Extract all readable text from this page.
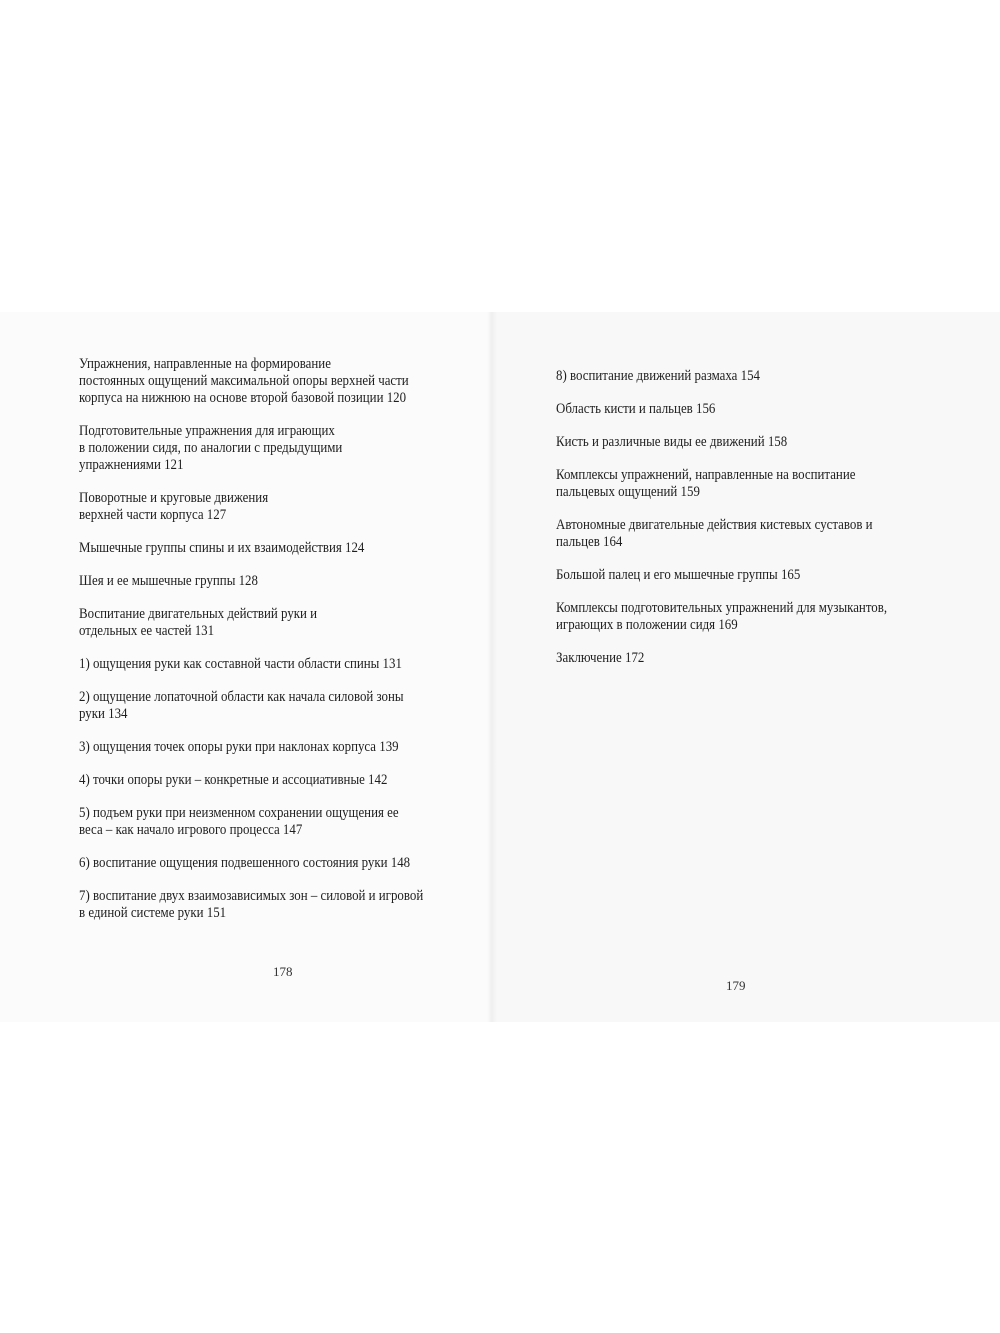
Упражнения, направленные на формирование
постоянных ощущений максимальной опоры верхней части
корпуса на нижнюю на основе второй базовой позиции 120
Подготовительные упражнения для играющих
в положении сидя, по аналогии с предыдущими
упражнениями 121
Поворотные и круговые движения
верхней части корпуса 127
Мышечные группы спины и их взаимодействия 124
Шея и ее мышечные группы 128
Воспитание двигательных действий руки и
отдельных ее частей 131
1) ощущения руки как составной части области спины 131
2) ощущение лопаточной области как начала силовой зоны
руки 134
3) ощущения точек опоры руки при наклонах корпуса 139
4) точки опоры руки – конкретные и ассоциативные 142
5) подъем руки при неизменном сохранении ощущения ее
веса – как начало игрового процесса 147
6) воспитание ощущения подвешенного состояния руки 148
7) воспитание двух взаимозависимых зон – силовой и игровой
в единой системе руки 151
178
8) воспитание движений размаха 154
Область кисти и пальцев 156
Кисть и различные виды ее движений 158
Комплексы упражнений, направленные на воспитание
пальцевых ощущений 159
Автономные двигательные действия кистевых суставов и
пальцев 164
Большой палец и его мышечные группы 165
Комплексы подготовительных упражнений для музыкантов,
играющих в положении сидя 169
Заключение 172
179
